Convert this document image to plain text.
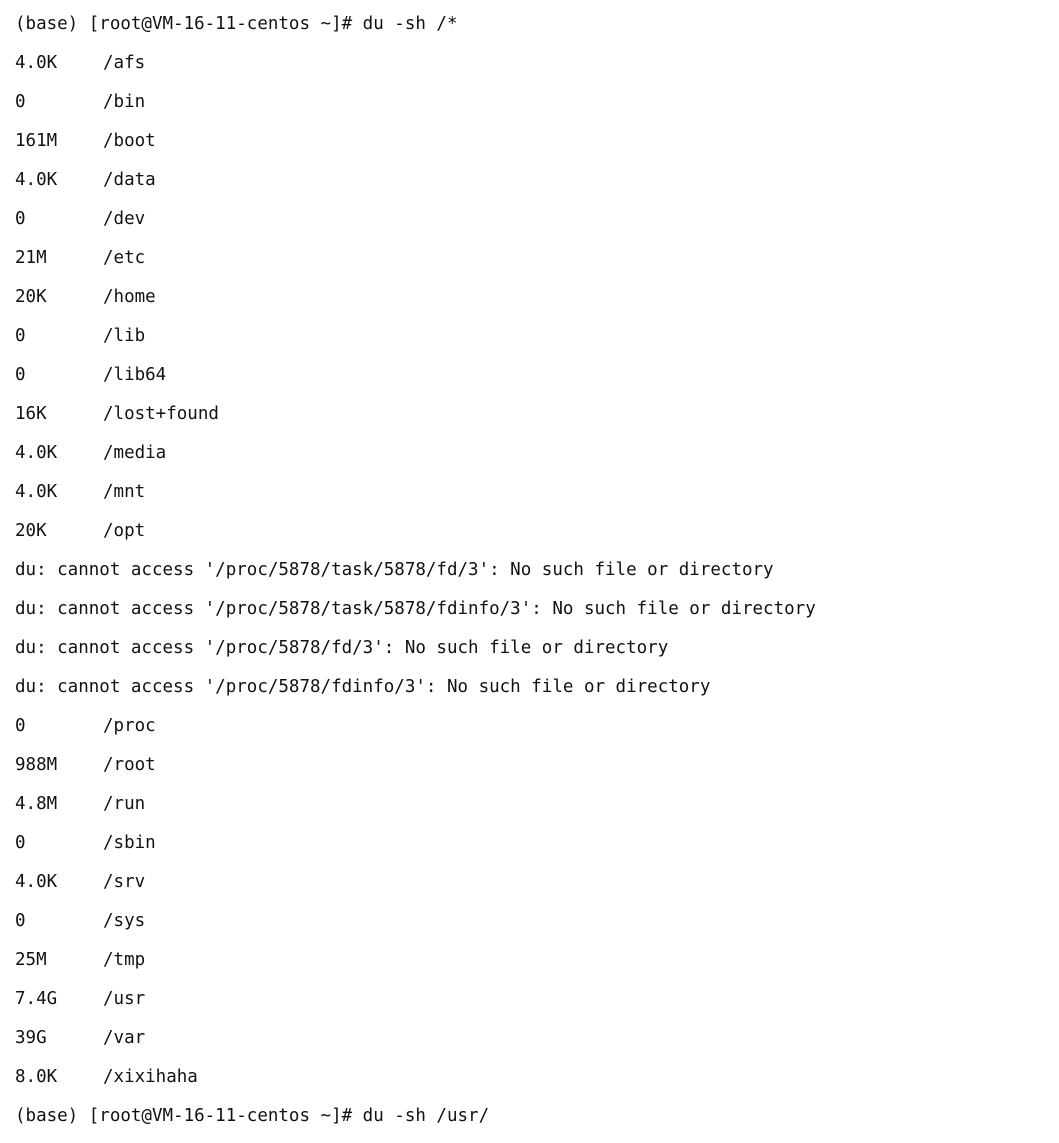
(base) [root@VM-16-11-centos ~]# du -sh /*
4.0K	/afs
0	/bin
161M	/boot
4.0K	/data
0	/dev
21M	/etc
20K	/home
0	/lib
0	/lib64
16K	/lost+found
4.0K	/media
4.0K	/mnt
20K	/opt
du: cannot access '/proc/5878/task/5878/fd/3': No such file or directory
du: cannot access '/proc/5878/task/5878/fdinfo/3': No such file or directory
du: cannot access '/proc/5878/fd/3': No such file or directory
du: cannot access '/proc/5878/fdinfo/3': No such file or directory
0	/proc
988M	/root
4.8M	/run
0	/sbin
4.0K	/srv
0	/sys
25M	/tmp
7.4G	/usr
39G	/var
8.0K	/xixihaha
(base) [root@VM-16-11-centos ~]# du -sh /usr/
